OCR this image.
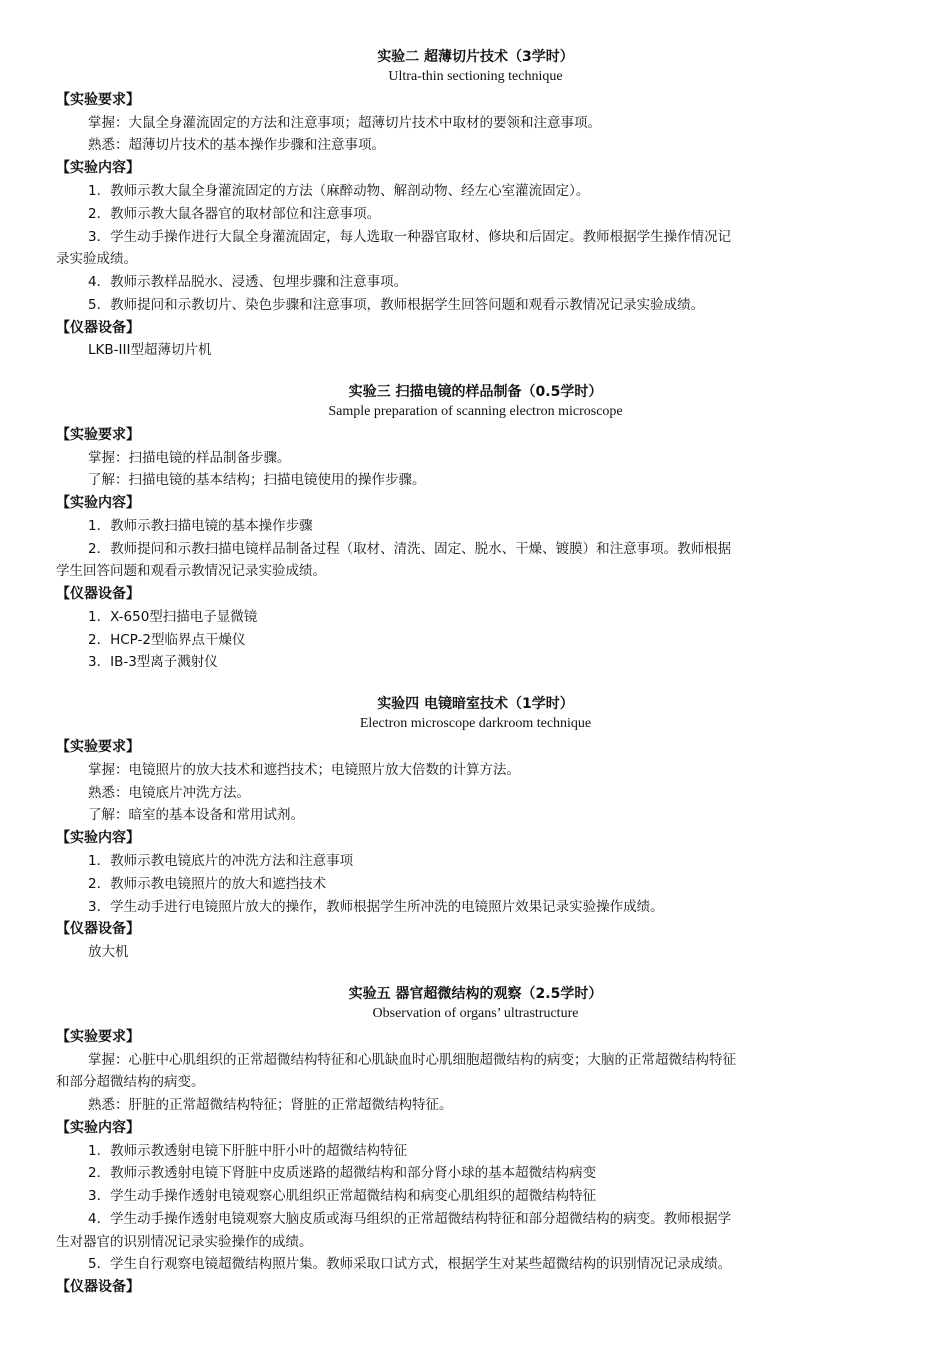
实验二 超薄切片技术（3学时）
Ultra-thin sectioning technique
【实验要求】
掌握：大鼠全身灌流固定的方法和注意事项；超薄切片技术中取材的要领和注意事项。
熟悉：超薄切片技术的基本操作步骤和注意事项。
【实验内容】
1．教师示教大鼠全身灌流固定的方法（麻醉动物、解剖动物、经左心室灌流固定）。
2．教师示教大鼠各器官的取材部位和注意事项。
3．学生动手操作进行大鼠全身灌流固定，每人选取一种器官取材、修块和后固定。教师根据学生操作情况记
录实验成绩。
4．教师示教样品脱水、浸透、包埋步骤和注意事项。
5．教师提问和示教切片、染色步骤和注意事项，教师根据学生回答问题和观看示教情况记录实验成绩。
【仪器设备】
LKB-III型超薄切片机
实验三 扫描电镜的样品制备（0.5学时）
Sample preparation of scanning electron microscope
【实验要求】
掌握：扫描电镜的样品制备步骤。
了解：扫描电镜的基本结构；扫描电镜使用的操作步骤。
【实验内容】
1．教师示教扫描电镜的基本操作步骤
2．教师提问和示教扫描电镜样品制备过程（取材、清洗、固定、脱水、干燥、镀膜）和注意事项。教师根据
学生回答问题和观看示教情况记录实验成绩。
【仪器设备】
1．X-650型扫描电子显微镜
2．HCP-2型临界点干燥仪
3．IB-3型离子溅射仪
实验四 电镜暗室技术（1学时）
Electron microscope darkroom technique
【实验要求】
掌握：电镜照片的放大技术和遮挡技术；电镜照片放大倍数的计算方法。
熟悉：电镜底片冲洗方法。
了解：暗室的基本设备和常用试剂。
【实验内容】
1．教师示教电镜底片的冲洗方法和注意事项
2．教师示教电镜照片的放大和遮挡技术
3．学生动手进行电镜照片放大的操作，教师根据学生所冲洗的电镜照片效果记录实验操作成绩。
【仪器设备】
放大机
实验五 器官超微结构的观察（2.5学时）
Observation of organs’ ultrastructure
【实验要求】
掌握：心脏中心肌组织的正常超微结构特征和心肌缺血时心肌细胞超微结构的病变；大脑的正常超微结构特征
和部分超微结构的病变。
熟悉：肝脏的正常超微结构特征；肾脏的正常超微结构特征。
【实验内容】
1．教师示教透射电镜下肝脏中肝小叶的超微结构特征
2．教师示教透射电镜下肾脏中皮质迷路的超微结构和部分肾小球的基本超微结构病变
3．学生动手操作透射电镜观察心肌组织正常超微结构和病变心肌组织的超微结构特征
4．学生动手操作透射电镜观察大脑皮质或海马组织的正常超微结构特征和部分超微结构的病变。教师根据学
生对器官的识别情况记录实验操作的成绩。
5．学生自行观察电镜超微结构照片集。教师采取口试方式，根据学生对某些超微结构的识别情况记录成绩。
【仪器设备】
